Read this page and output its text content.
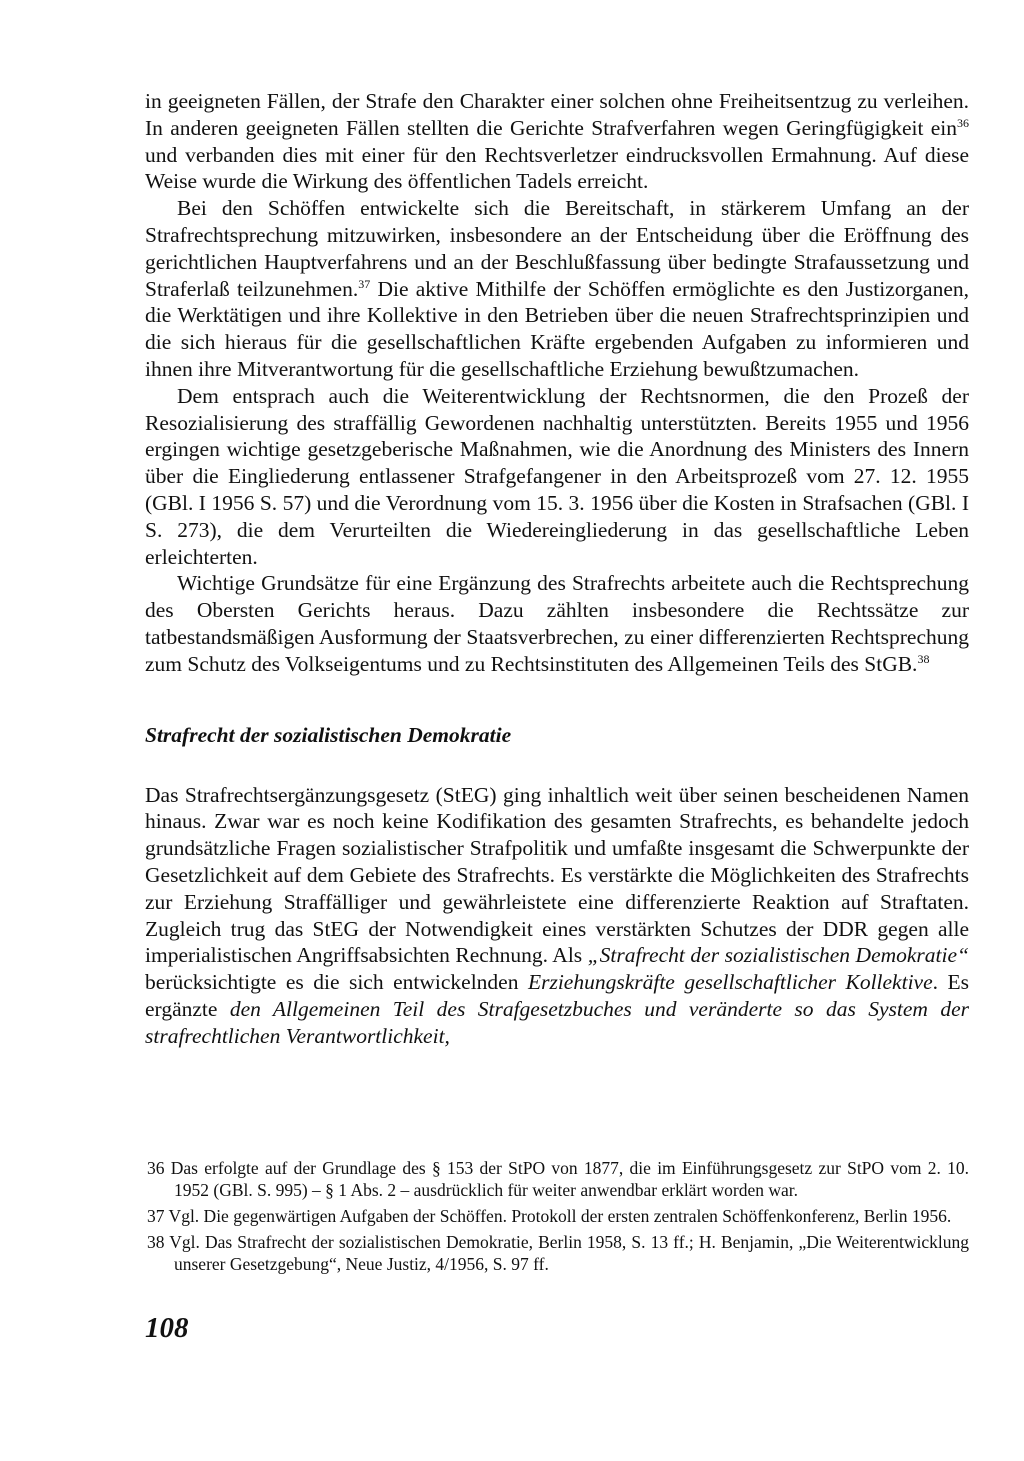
in geeigneten Fällen, der Strafe den Charakter einer solchen ohne Freiheitsentzug zu verleihen. In anderen geeigneten Fällen stellten die Gerichte Strafverfahren wegen Geringfügigkeit ein$^{36}$ und verbanden dies mit einer für den Rechtsverletzer eindrucksvollen Ermahnung. Auf diese Weise wurde die Wirkung des öffentlichen Tadels erreicht.

Bei den Schöffen entwickelte sich die Bereitschaft, in stärkerem Umfang an der Strafrechtsprechung mitzuwirken, insbesondere an der Entscheidung über die Eröffnung des gerichtlichen Hauptverfahrens und an der Beschlußfassung über bedingte Strafaussetzung und Straferlaß teilzunehmen.$^{37}$ Die aktive Mithilfe der Schöffen ermöglichte es den Justizorganen, die Werktätigen und ihre Kollektive in den Betrieben über die neuen Strafrechtsprinzipien und die sich hieraus für die gesellschaftlichen Kräfte ergebenden Aufgaben zu informieren und ihnen ihre Mitverantwortung für die gesellschaftliche Erziehung bewußtzumachen.

Dem entsprach auch die Weiterentwicklung der Rechtsnormen, die den Prozeß der Resozialisierung des straffällig Gewordenen nachhaltig unterstützten. Bereits 1955 und 1956 ergingen wichtige gesetzgeberische Maßnahmen, wie die Anordnung des Ministers des Innern über die Eingliederung entlassener Strafgefangener in den Arbeitsprozeß vom 27. 12. 1955 (GBl. I 1956 S. 57) und die Verordnung vom 15. 3. 1956 über die Kosten in Strafsachen (GBl. I S. 273), die dem Verurteilten die Wiedereingliederung in das gesellschaftliche Leben erleichterten.

Wichtige Grundsätze für eine Ergänzung des Strafrechts arbeitete auch die Rechtsprechung des Obersten Gerichts heraus. Dazu zählten insbesondere die Rechtssätze zur tatbestandsmäßigen Ausformung der Staatsverbrechen, zu einer differenzierten Rechtsprechung zum Schutz des Volkseigentums und zu Rechtsinstituten des Allgemeinen Teils des StGB.$^{38}$

Strafrecht der sozialistischen Demokratie

Das Strafrechtsergänzungsgesetz (StEG) ging inhaltlich weit über seinen bescheidenen Namen hinaus. Zwar war es noch keine Kodifikation des gesamten Strafrechts, es behandelte jedoch grundsätzliche Fragen sozialistischer Strafpolitik und umfaßte insgesamt die Schwerpunkte der Gesetzlichkeit auf dem Gebiete des Strafrechts. Es verstärkte die Möglichkeiten des Strafrechts zur Erziehung Straffälliger und gewährleistete eine differenzierte Reaktion auf Straftaten. Zugleich trug das StEG der Notwendigkeit eines verstärkten Schutzes der DDR gegen alle imperialistischen Angriffsabsichten Rechnung. Als „Strafrecht der sozialistischen Demokratie“ berücksichtigte es die sich entwickelnden Erziehungskräfte gesellschaftlicher Kollektive. Es ergänzte den Allgemeinen Teil des Strafgesetzbuches und veränderte so das System der strafrechtlichen Verantwortlichkeit,

36 Das erfolgte auf der Grundlage des § 153 der StPO von 1877, die im Einführungsgesetz zur StPO vom 2. 10. 1952 (GBl. S. 995) – § 1 Abs. 2 – ausdrücklich für weiter anwendbar erklärt worden war.

37 Vgl. Die gegenwärtigen Aufgaben der Schöffen. Protokoll der ersten zentralen Schöffenkonferenz, Berlin 1956.

38 Vgl. Das Strafrecht der sozialistischen Demokratie, Berlin 1958, S. 13 ff.; H. Benjamin, „Die Weiterentwicklung unserer Gesetzgebung“, Neue Justiz, 4/1956, S. 97 ff.

108
